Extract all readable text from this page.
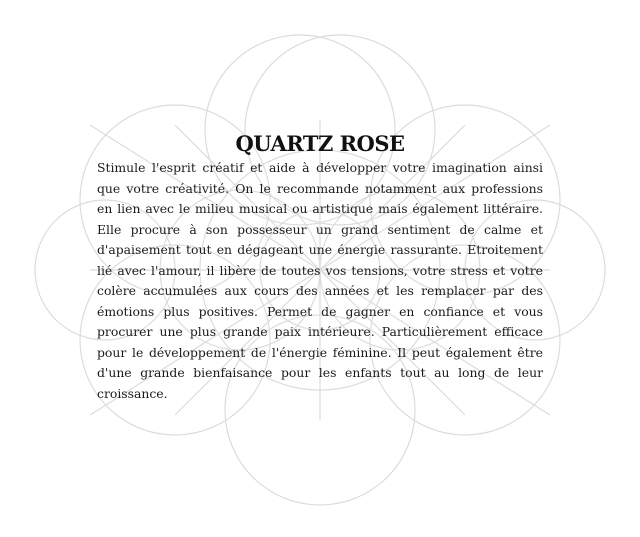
QUARTZ ROSE

Stimule l'esprit créatif et aide à développer votre imagination ainsi que votre créativité. On le recommande notamment aux professions en lien avec le milieu musical ou artistique mais également littéraire. Elle procure à son possesseur un grand sentiment de calme et d'apaisement tout en dégageant une énergie rassurante. Etroitement lié avec l'amour, il libère de toutes vos tensions, votre stress et votre colère accumulées aux cours des années et les remplacer par des émotions plus positives. Permet de gagner en confiance et vous procurer une plus grande paix intérieure. Particulièrement efficace pour le développement de l'énergie féminine. Il peut également être d'une grande bienfaisance pour les enfants tout au long de leur croissance.
